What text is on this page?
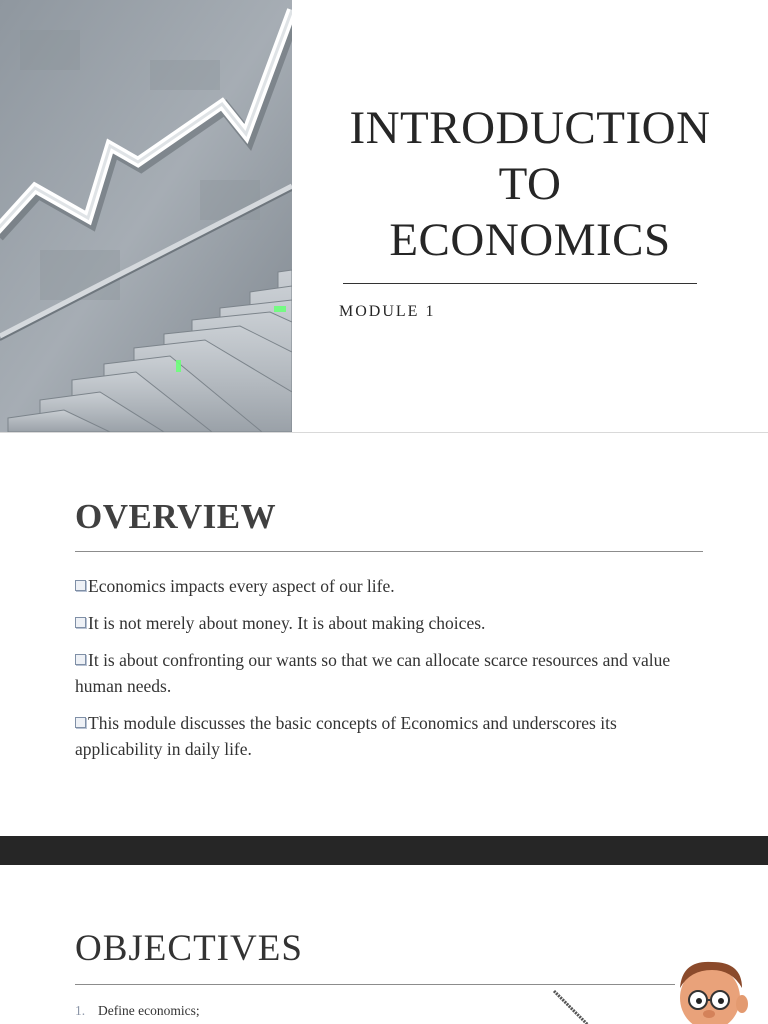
INTRODUCTION
TO
ECONOMICS
MODULE 1
OVERVIEW
Economics impacts every aspect of our life.
It is not merely about money. It is about making choices.
It is about confronting our wants so that we can allocate scarce resources and value human needs.
This module discusses the basic concepts of Economics and underscores its applicability in daily life.
OBJECTIVES
1. Define economics;
